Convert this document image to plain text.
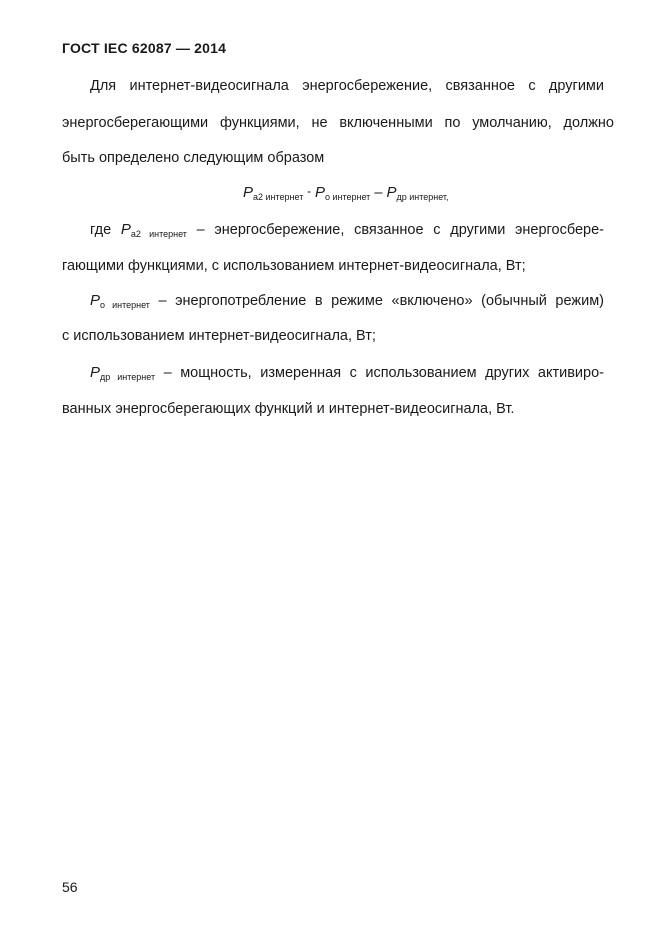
ГОСТ IEC 62087 — 2014
Для интернет-видеосигнала энергосбережение, связанное с другими
энергосберегающими функциями, не включенными по умолчанию, должно
быть определено следующим образом
$P_{a2 интернет}$ = $P_{о интернет} - P_{др интернет,}$
где $P_{a2 интернет}$ – энергосбережение, связанное с другими энергосбере-
гающими функциями, с использованием интернет-видеосигнала, Вт;
$P_{о интернет}$ – энергопотребление в режиме «включено» (обычный режим)
с использованием интернет-видеосигнала, Вт;
$P_{др интернет}$ – мощность, измеренная с использованием других активиро-
ванных энергосберегающих функций и интернет-видеосигнала, Вт.
56
